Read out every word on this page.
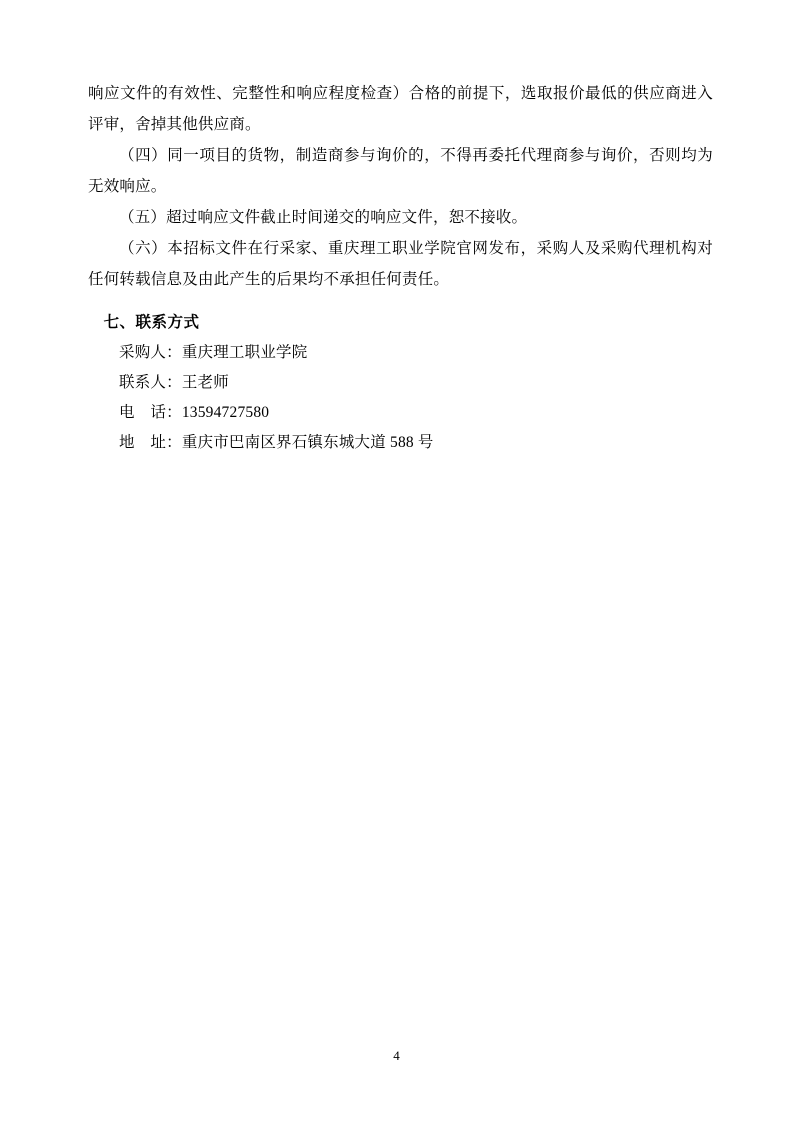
响应文件的有效性、完整性和响应程度检查）合格的前提下，选取报价最低的供应商进入评审，舍掉其他供应商。

（四）同一项目的货物，制造商参与询价的，不得再委托代理商参与询价，否则均为无效响应。

（五）超过响应文件截止时间递交的响应文件，恕不接收。

（六）本招标文件在行采家、重庆理工职业学院官网发布，采购人及采购代理机构对任何转载信息及由此产生的后果均不承担任何责任。

七、联系方式
采购人：重庆理工职业学院
联系人：王老师
电　话：13594727580
地　址：重庆市巴南区界石镇东城大道 588 号
4
